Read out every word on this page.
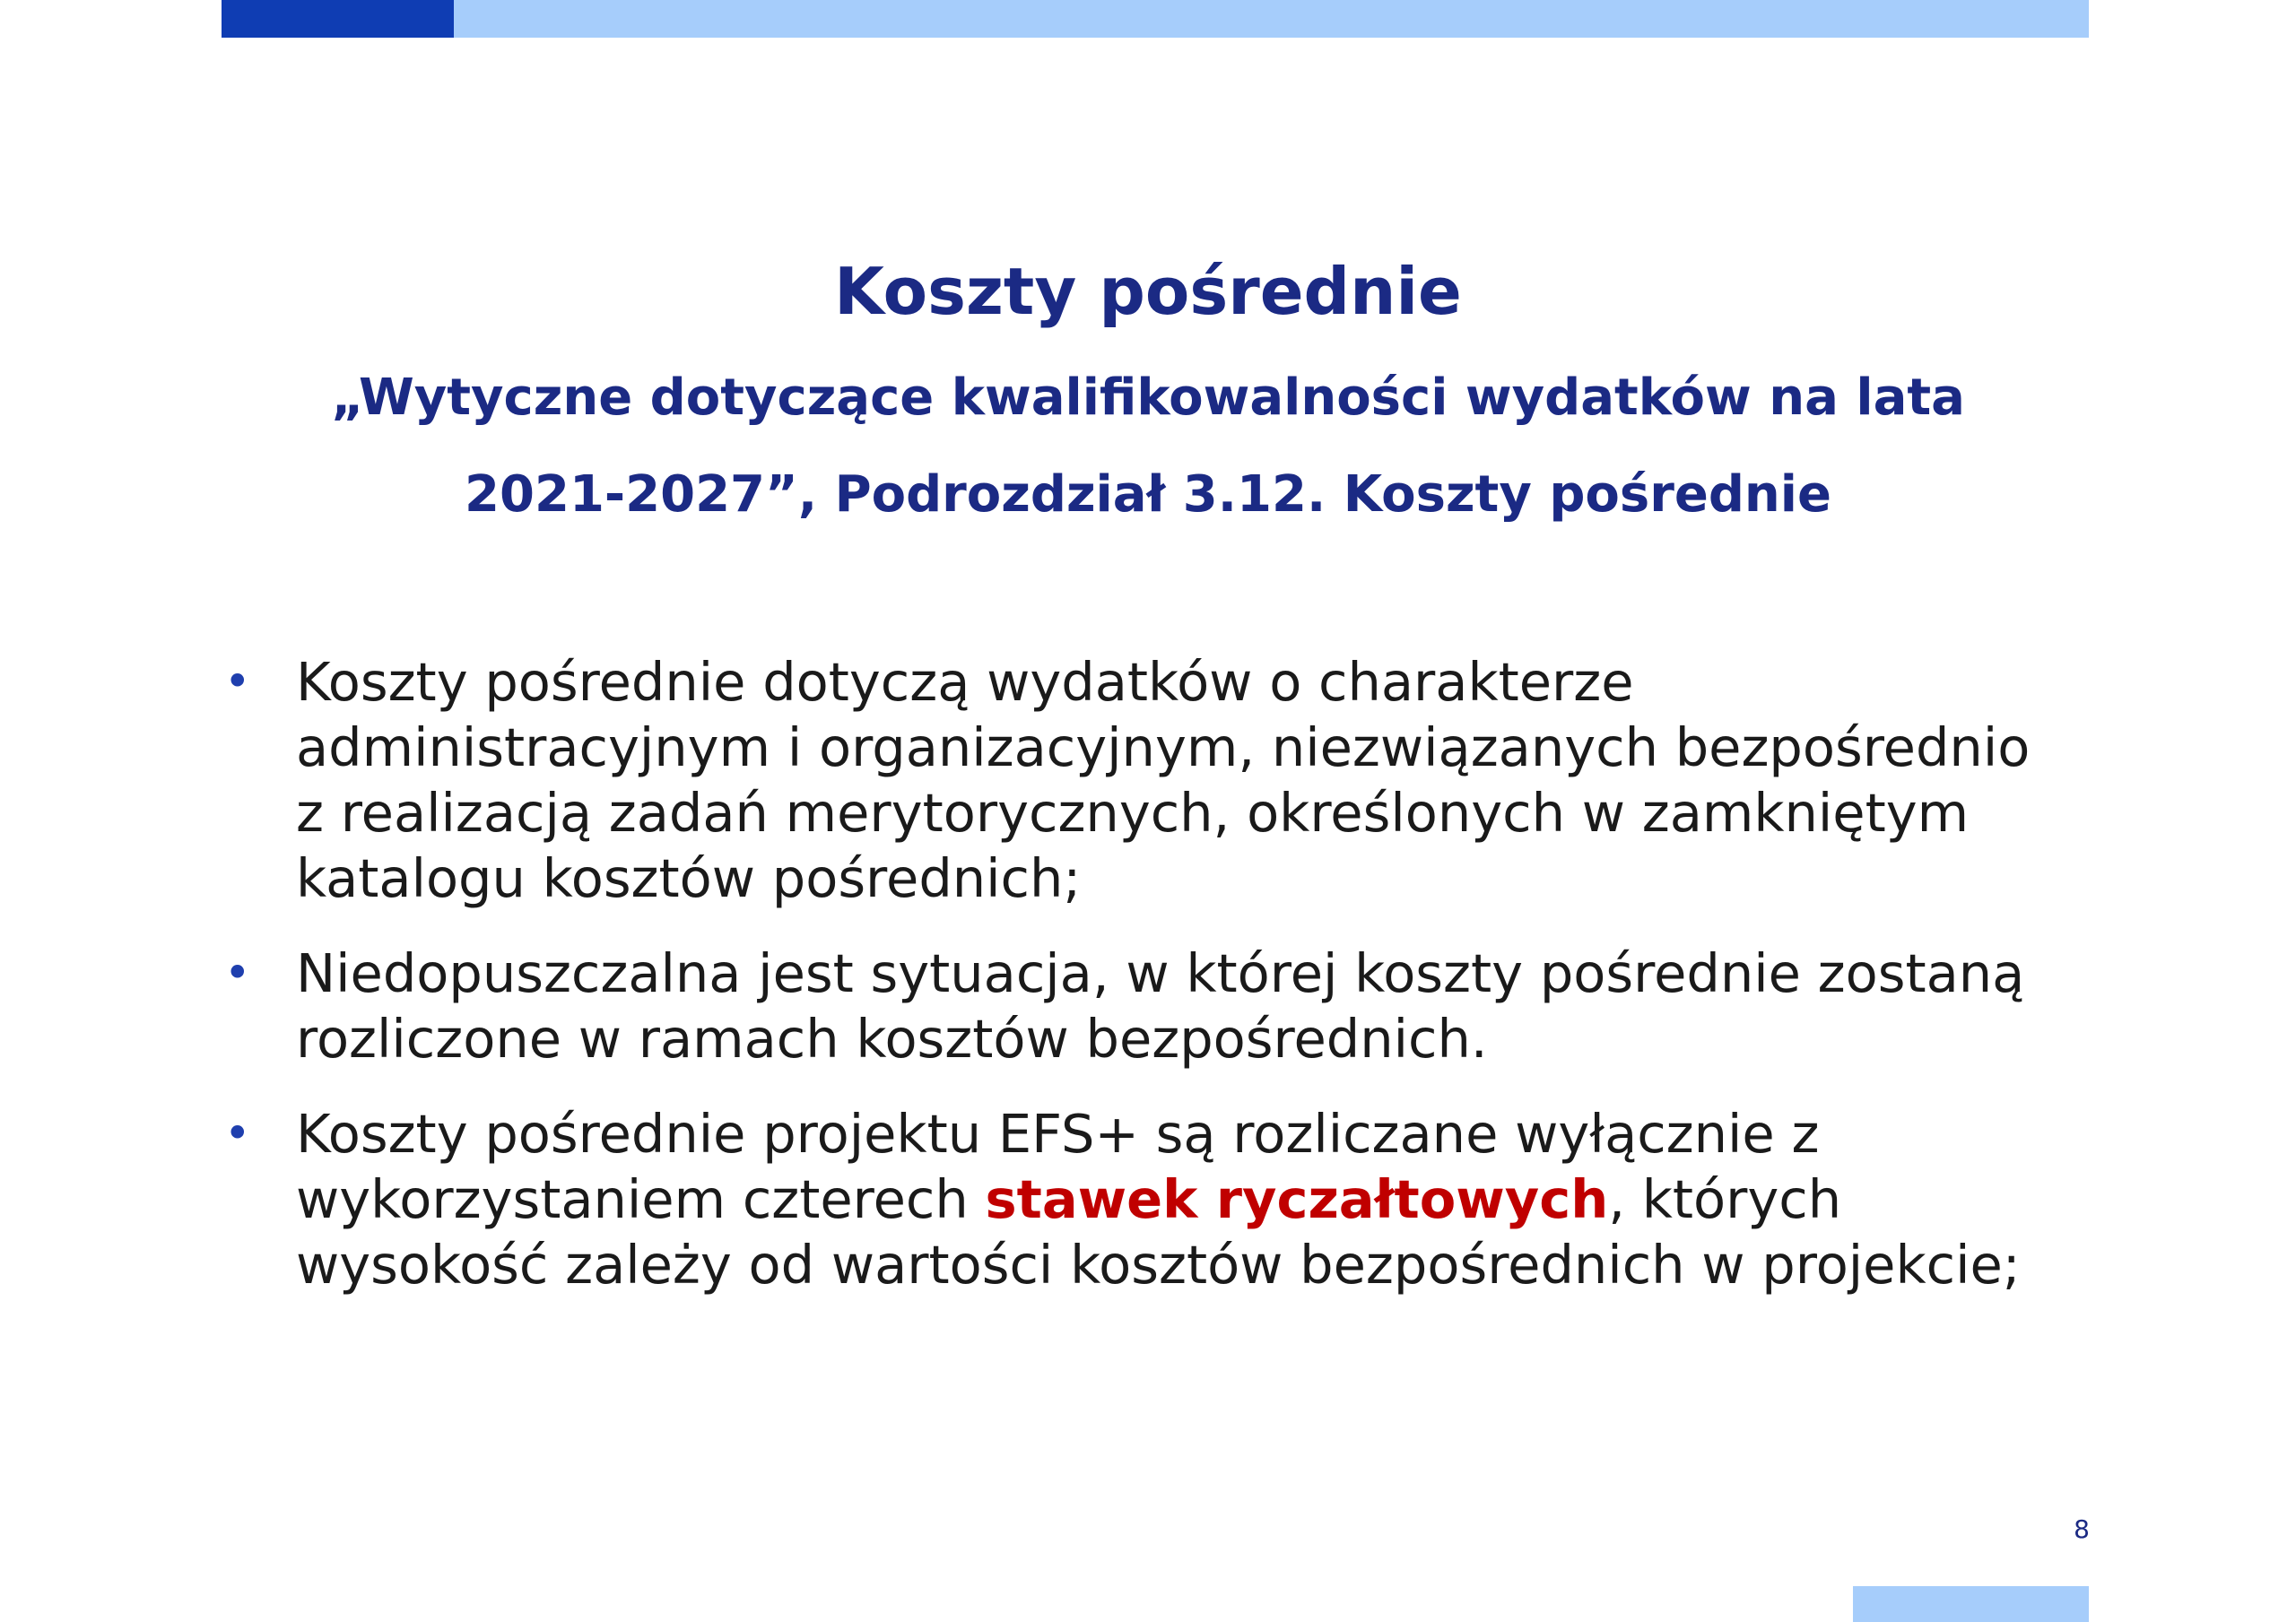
Koszty pośrednie
„Wytyczne dotyczące kwalifikowalności wydatków na lata 2021-2027”, Podrozdział 3.12. Koszty pośrednie
• Koszty pośrednie dotyczą wydatków o charakterze administracyjnym i organizacyjnym, niezwiązanych bezpośrednio z realizacją zadań merytorycznych, określonych w zamkniętym katalogu kosztów pośrednich;
• Niedopuszczalna jest sytuacja, w której koszty pośrednie zostaną rozliczone w ramach kosztów bezpośrednich.
• Koszty pośrednie projektu EFS+ są rozliczane wyłącznie z wykorzystaniem czterech stawek ryczałtowych, których wysokość zależy od wartości kosztów bezpośrednich w projekcie;
8
